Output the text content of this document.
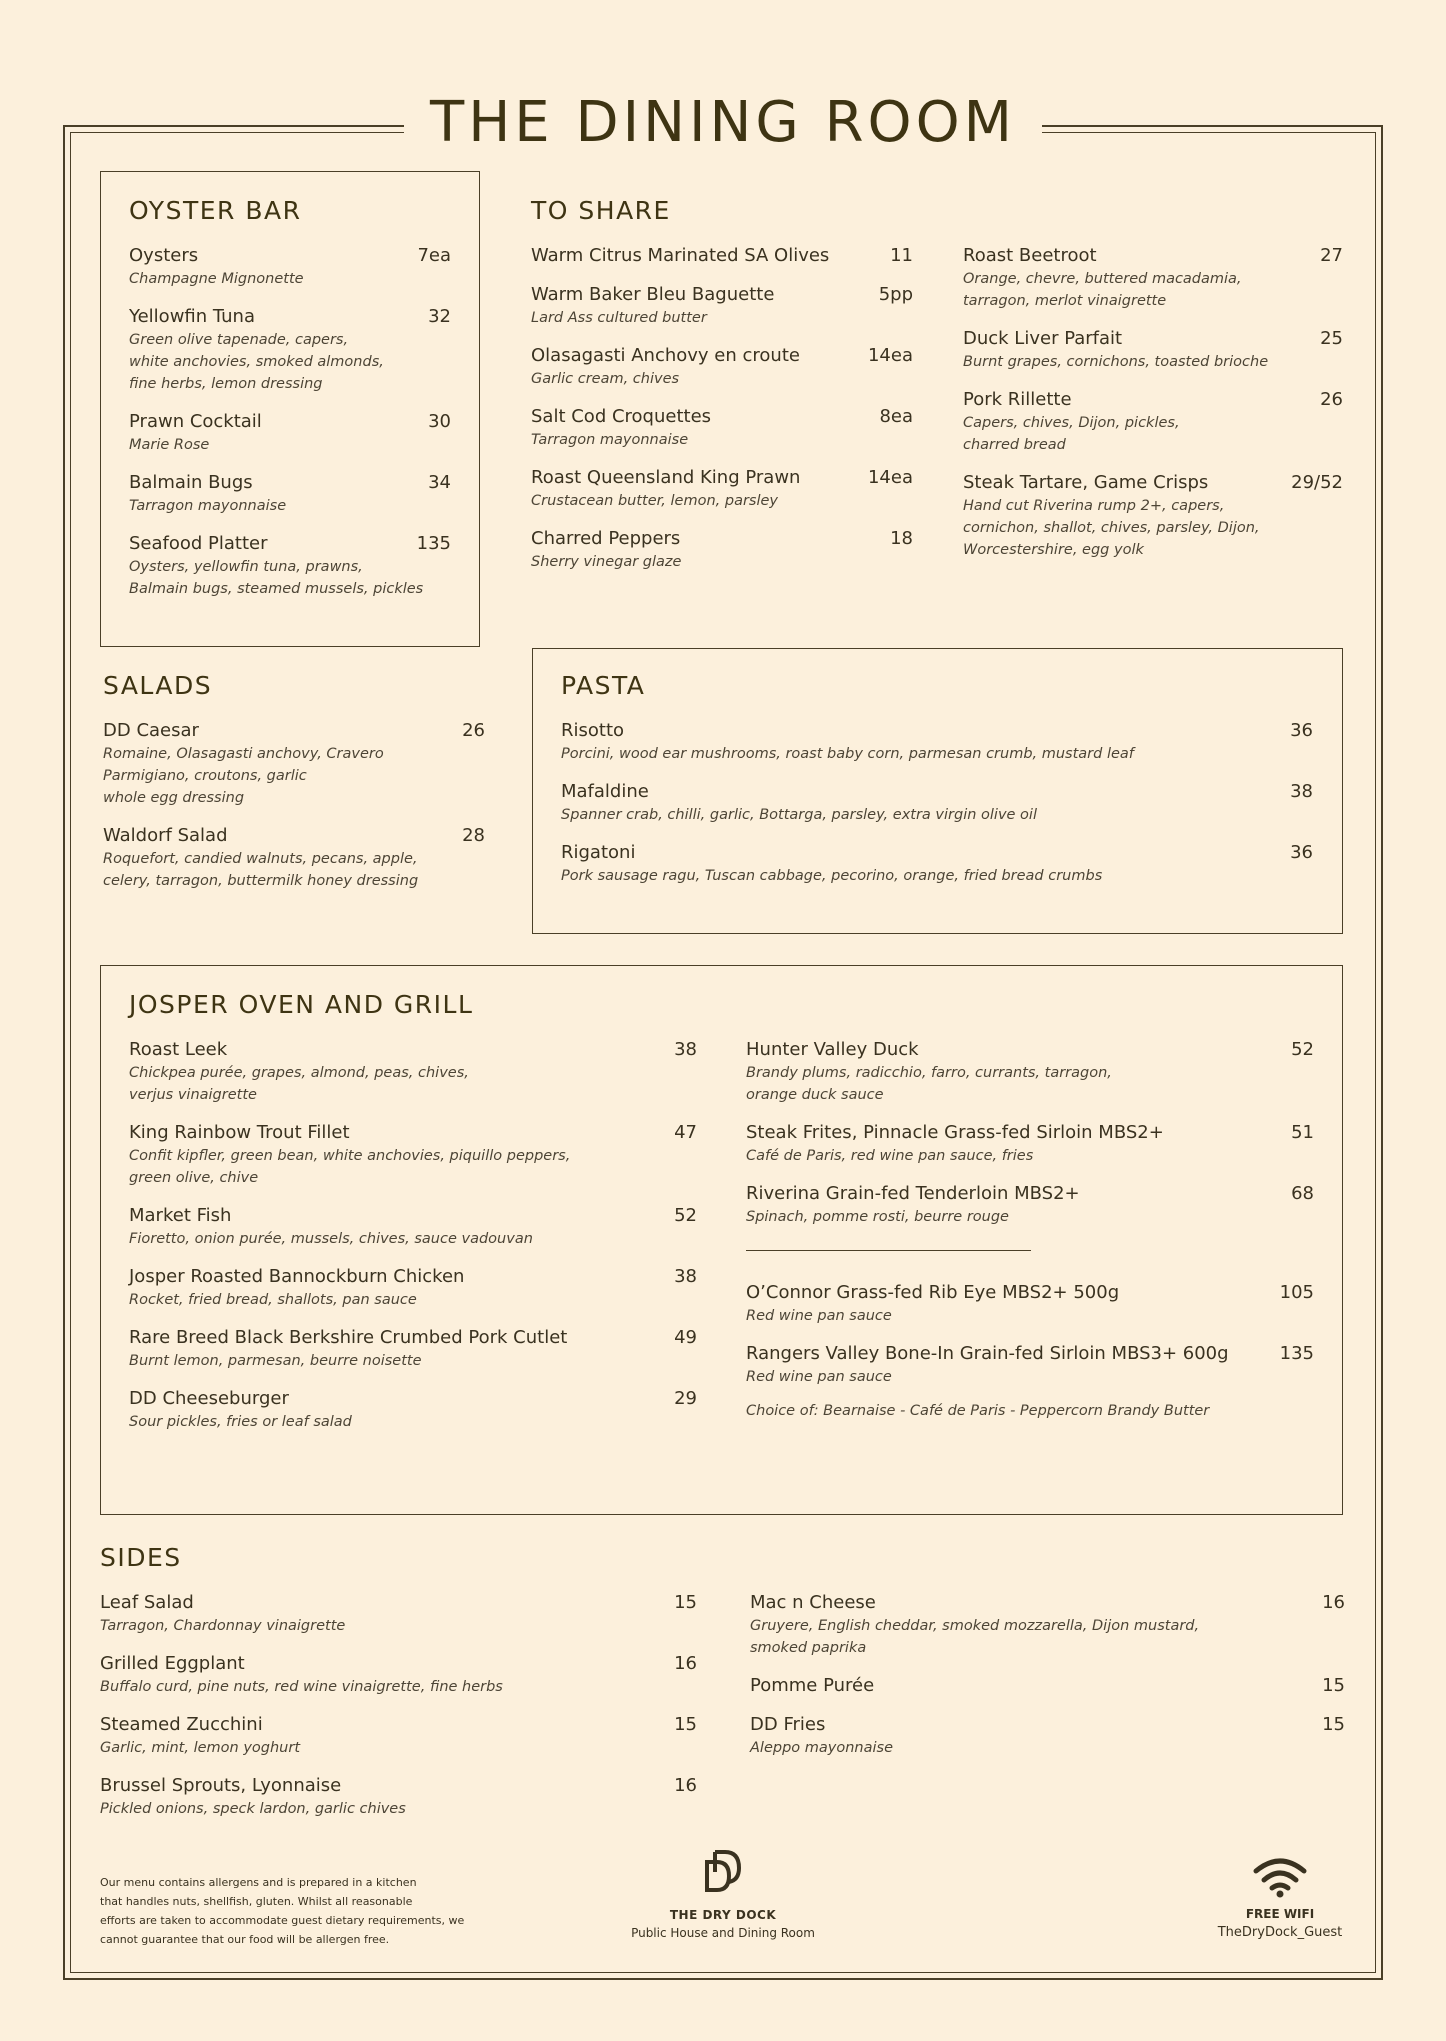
THE DINING ROOM
OYSTER BAR
Oysters	7ea
Champagne Mignonette
Yellowfin Tuna	32
Green olive tapenade, capers,
white anchovies, smoked almonds,
fine herbs, lemon dressing
Prawn Cocktail	30
Marie Rose
Balmain Bugs	34
Tarragon mayonnaise
Seafood Platter	135
Oysters, yellowfin tuna, prawns,
Balmain bugs, steamed mussels, pickles
TO SHARE
Warm Citrus Marinated SA Olives	11
Warm Baker Bleu Baguette	5pp
Lard Ass cultured butter
Olasagasti Anchovy en croute	14ea
Garlic cream, chives
Salt Cod Croquettes	8ea
Tarragon mayonnaise
Roast Queensland King Prawn	14ea
Crustacean butter, lemon, parsley
Charred Peppers	18
Sherry vinegar glaze
Roast Beetroot	27
Orange, chevre, buttered macadamia,
tarragon, merlot vinaigrette
Duck Liver Parfait	25
Burnt grapes, cornichons, toasted brioche
Pork Rillette	26
Capers, chives, Dijon, pickles,
charred bread
Steak Tartare, Game Crisps	29/52
Hand cut Riverina rump 2+, capers,
cornichon, shallot, chives, parsley, Dijon,
Worcestershire, egg yolk
SALADS
DD Caesar	26
Romaine, Olasagasti anchovy, Cravero
Parmigiano, croutons, garlic
whole egg dressing
Waldorf Salad	28
Roquefort, candied walnuts, pecans, apple,
celery, tarragon, buttermilk honey dressing
PASTA
Risotto	36
Porcini, wood ear mushrooms, roast baby corn, parmesan crumb, mustard leaf
Mafaldine	38
Spanner crab, chilli, garlic, Bottarga, parsley, extra virgin olive oil
Rigatoni	36
Pork sausage ragu, Tuscan cabbage, pecorino, orange, fried bread crumbs
JOSPER OVEN AND GRILL
Roast Leek	38
Chickpea purée, grapes, almond, peas, chives,
verjus vinaigrette
King Rainbow Trout Fillet	47
Confit kipfler, green bean, white anchovies, piquillo peppers,
green olive, chive
Market Fish	52
Fioretto, onion purée, mussels, chives, sauce vadouvan
Josper Roasted Bannockburn Chicken	38
Rocket, fried bread, shallots, pan sauce
Rare Breed Black Berkshire Crumbed Pork Cutlet	49
Burnt lemon, parmesan, beurre noisette
DD Cheeseburger	29
Sour pickles, fries or leaf salad
Hunter Valley Duck	52
Brandy plums, radicchio, farro, currants, tarragon,
orange duck sauce
Steak Frites, Pinnacle Grass-fed Sirloin MBS2+	51
Café de Paris, red wine pan sauce, fries
Riverina Grain-fed Tenderloin MBS2+	68
Spinach, pomme rosti, beurre rouge
O’Connor Grass-fed Rib Eye MBS2+ 500g	105
Red wine pan sauce
Rangers Valley Bone-In Grain-fed Sirloin MBS3+ 600g	135
Red wine pan sauce
Choice of: Bearnaise - Café de Paris - Peppercorn Brandy Butter
SIDES
Leaf Salad	15
Tarragon, Chardonnay vinaigrette
Grilled Eggplant	16
Buffalo curd, pine nuts, red wine vinaigrette, fine herbs
Steamed Zucchini	15
Garlic, mint, lemon yoghurt
Brussel Sprouts, Lyonnaise	16
Pickled onions, speck lardon, garlic chives
Mac n Cheese	16
Gruyere, English cheddar, smoked mozzarella, Dijon mustard,
smoked paprika
Pomme Purée	15
DD Fries	15
Aleppo mayonnaise
Our menu contains allergens and is prepared in a kitchen
that handles nuts, shellfish, gluten. Whilst all reasonable
efforts are taken to accommodate guest dietary requirements, we
cannot guarantee that our food will be allergen free.
THE DRY DOCK
Public House and Dining Room
FREE WIFI
TheDryDock_Guest
